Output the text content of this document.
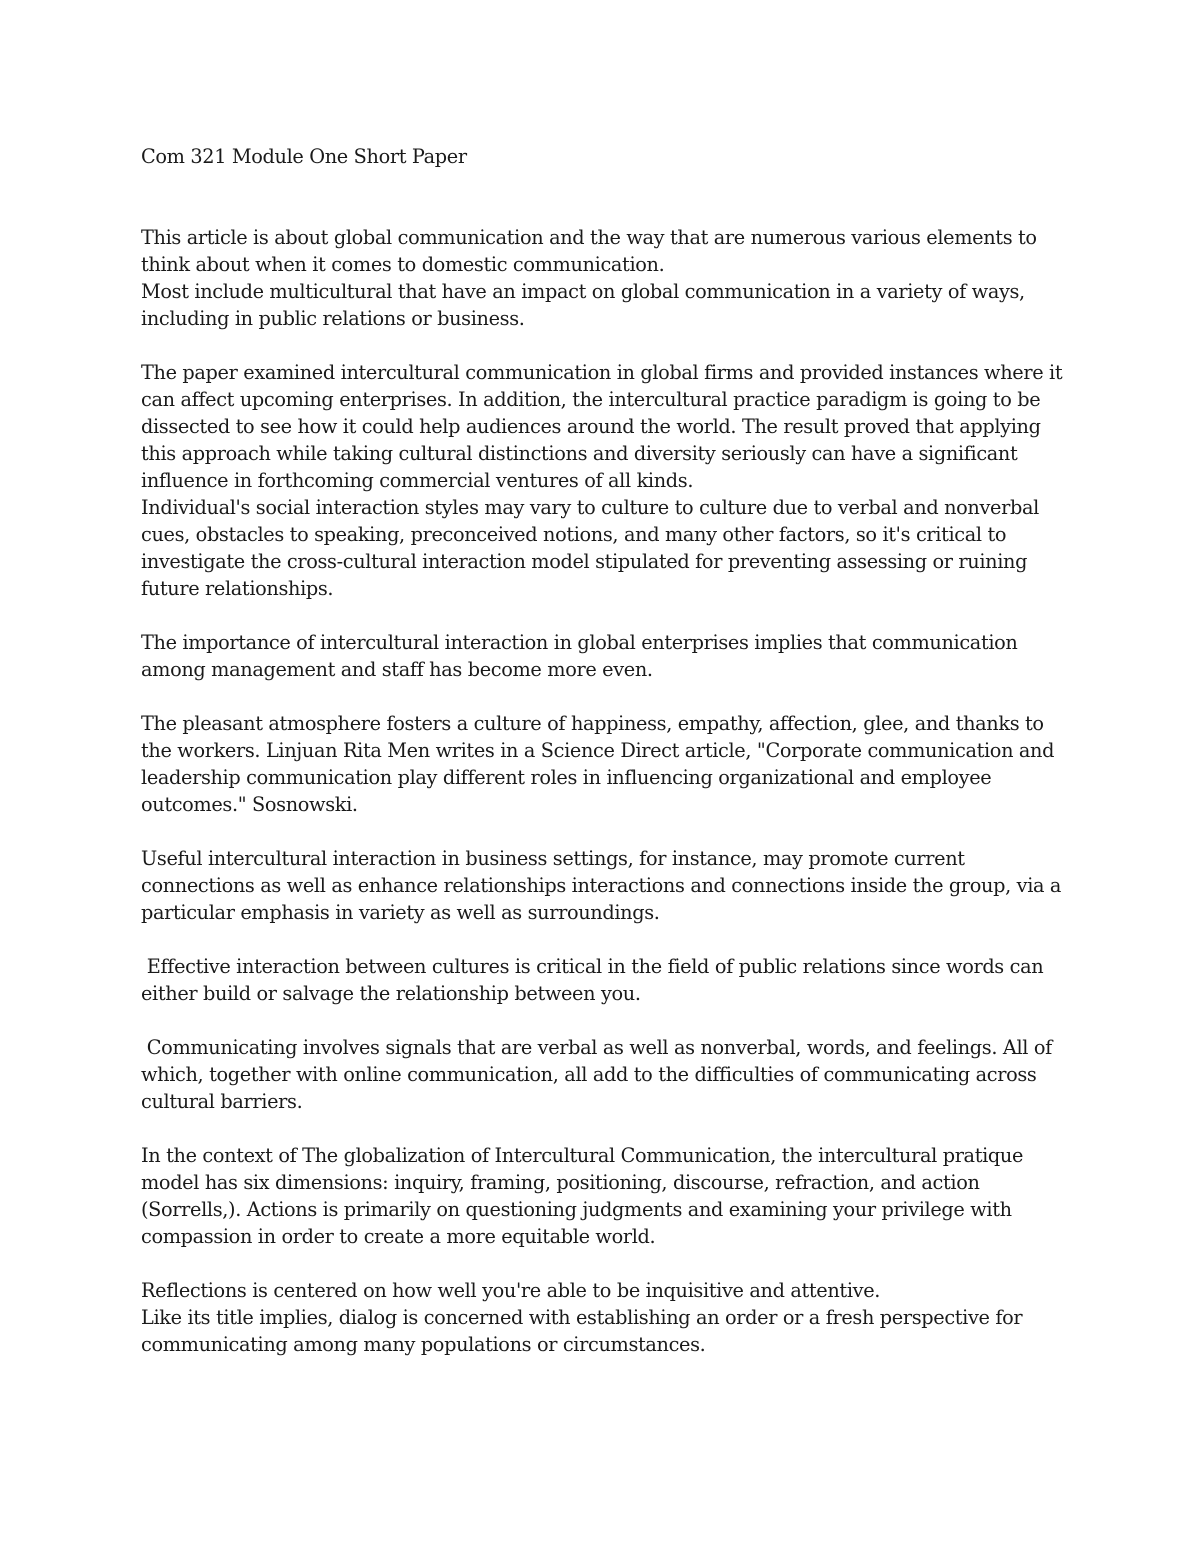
Com 321 Module One Short Paper
This article is about global communication and the way that are numerous various elements to
think about when it comes to domestic communication.
Most include multicultural that have an impact on global communication in a variety of ways,
including in public relations or business.
The paper examined intercultural communication in global firms and provided instances where it
can affect upcoming enterprises. In addition, the intercultural practice paradigm is going to be
dissected to see how it could help audiences around the world. The result proved that applying
this approach while taking cultural distinctions and diversity seriously can have a significant
influence in forthcoming commercial ventures of all kinds.
Individual's social interaction styles may vary to culture to culture due to verbal and nonverbal
cues, obstacles to speaking, preconceived notions, and many other factors, so it's critical to
investigate the cross-cultural interaction model stipulated for preventing assessing or ruining
future relationships.
The importance of intercultural interaction in global enterprises implies that communication
among management and staff has become more even.
The pleasant atmosphere fosters a culture of happiness, empathy, affection, glee, and thanks to
the workers. Linjuan Rita Men writes in a Science Direct article, "Corporate communication and
leadership communication play different roles in influencing organizational and employee
outcomes." Sosnowski.
Useful intercultural interaction in business settings, for instance, may promote current
connections as well as enhance relationships interactions and connections inside the group, via a
particular emphasis in variety as well as surroundings.
Effective interaction between cultures is critical in the field of public relations since words can
either build or salvage the relationship between you.
Communicating involves signals that are verbal as well as nonverbal, words, and feelings. All of
which, together with online communication, all add to the difficulties of communicating across
cultural barriers.
In the context of The globalization of Intercultural Communication, the intercultural pratique
model has six dimensions: inquiry, framing, positioning, discourse, refraction, and action
(Sorrells,). Actions is primarily on questioning judgments and examining your privilege with
compassion in order to create a more equitable world.
Reflections is centered on how well you're able to be inquisitive and attentive.
Like its title implies, dialog is concerned with establishing an order or a fresh perspective for
communicating among many populations or circumstances.
